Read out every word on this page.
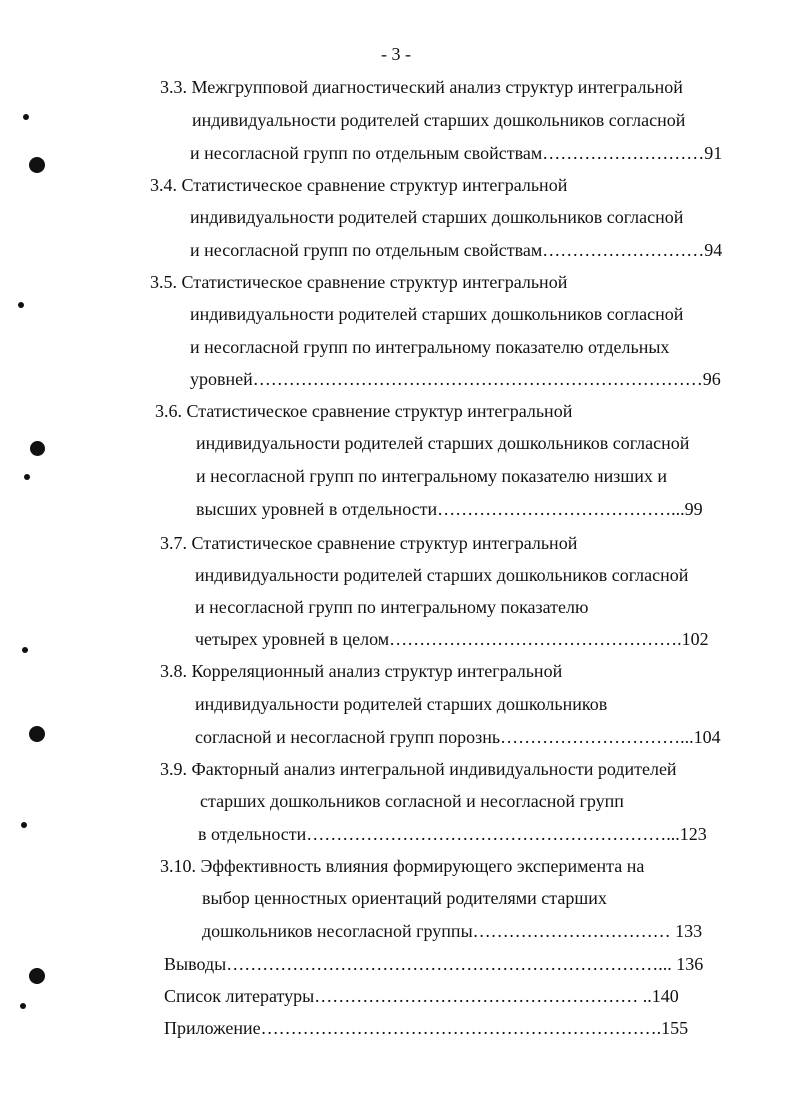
- 3 -
3.3. Межгрупповой диагностический анализ структур интегральной
индивидуальности родителей старших дошкольников согласной
и несогласной групп по отдельным свойствам………………………91
3.4. Статистическое сравнение структур интегральной
индивидуальности родителей старших дошкольников согласной
и несогласной групп по отдельным свойствам………………………94
3.5. Статистическое сравнение структур интегральной
индивидуальности родителей старших дошкольников согласной
и несогласной групп по интегральному показателю отдельных
уровней…………………………………………………………………96
3.6. Статистическое сравнение структур интегральной
индивидуальности родителей старших дошкольников согласной
и несогласной групп по интегральному показателю низших и
высших уровней в отдельности…………………………………...99
3.7. Статистическое сравнение структур интегральной
индивидуальности родителей старших дошкольников согласной
и несогласной групп по интегральному показателю
четырех уровней в целом………………………………………….102
3.8. Корреляционный анализ структур интегральной
индивидуальности родителей старших дошкольников
согласной и несогласной групп порознь…………………………...104
3.9. Факторный анализ интегральной индивидуальности родителей
старших дошкольников согласной и несогласной групп
в отдельности……………………………………………………...123
3.10. Эффективность влияния формирующего эксперимента на
выбор ценностных ориентаций родителями старших
дошкольников несогласной группы…………………………… 133
Выводы………………………………………………………………... 136
Список литературы……………………………………………… ..140
Приложение………………………………………………………….155
